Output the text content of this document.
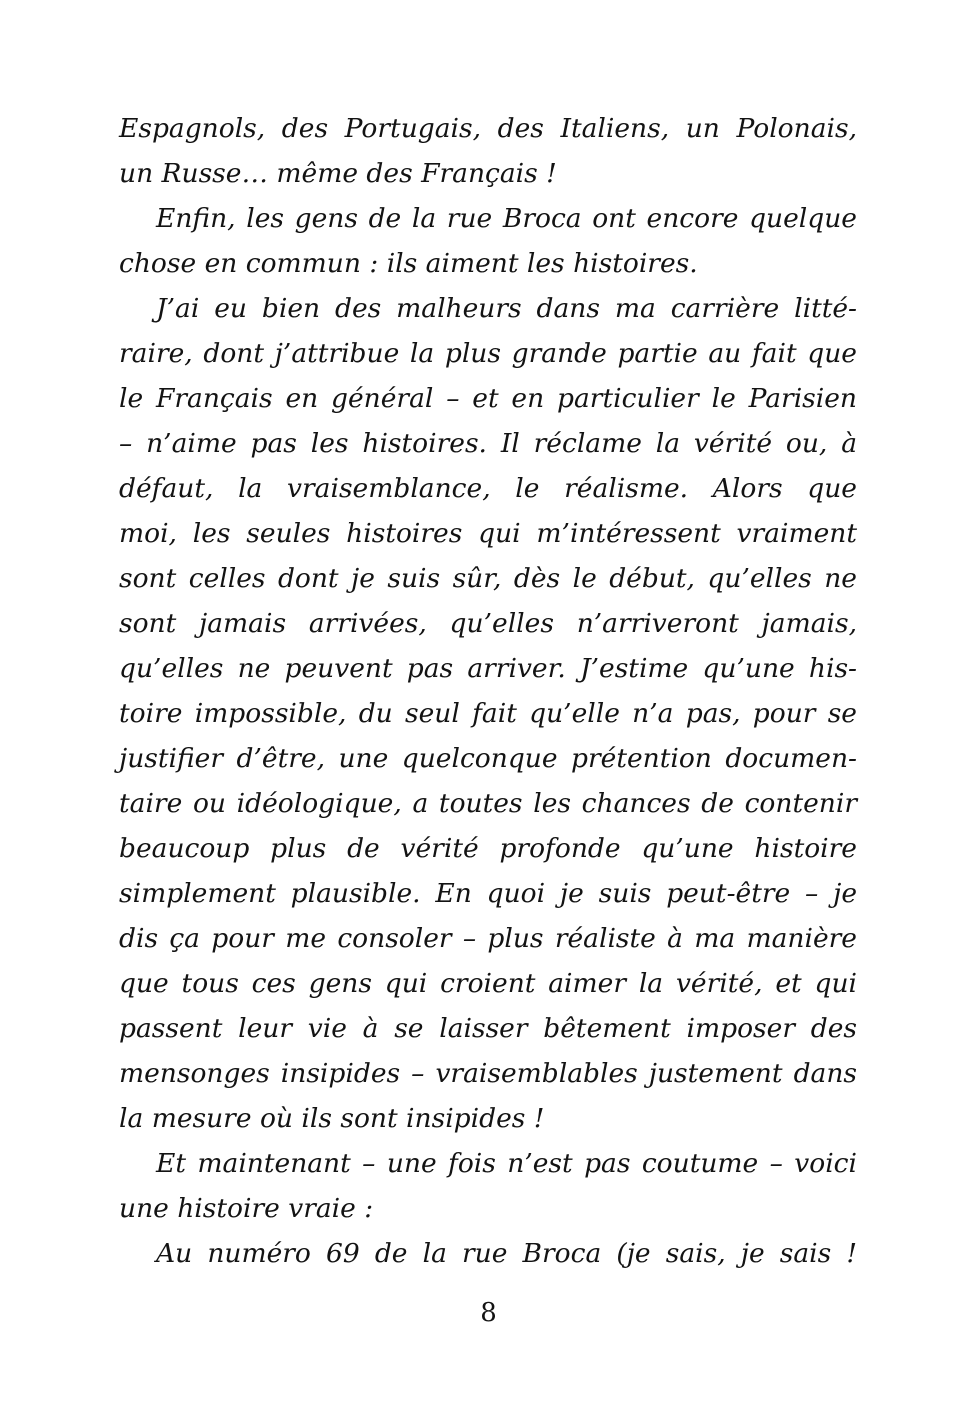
Espagnols, des Portugais, des Italiens, un Polonais,
un Russe… même des Français !
Enfin, les gens de la rue Broca ont encore quelque
chose en commun : ils aiment les histoires.
J’ai eu bien des malheurs dans ma carrière litté-
raire, dont j’attribue la plus grande partie au fait que
le Français en général – et en particulier le Parisien
– n’aime pas les histoires. Il réclame la vérité ou, à
défaut, la vraisemblance, le réalisme. Alors que
moi, les seules histoires qui m’intéressent vraiment
sont celles dont je suis sûr, dès le début, qu’elles ne
sont jamais arrivées, qu’elles n’arriveront jamais,
qu’elles ne peuvent pas arriver. J’estime qu’une his-
toire impossible, du seul fait qu’elle n’a pas, pour se
justifier d’être, une quelconque prétention documen-
taire ou idéologique, a toutes les chances de contenir
beaucoup plus de vérité profonde qu’une histoire
simplement plausible. En quoi je suis peut-être – je
dis ça pour me consoler – plus réaliste à ma manière
que tous ces gens qui croient aimer la vérité, et qui
passent leur vie à se laisser bêtement imposer des
mensonges insipides – vraisemblables justement dans
la mesure où ils sont insipides !
Et maintenant – une fois n’est pas coutume – voici
une histoire vraie :
Au numéro 69 de la rue Broca (je sais, je sais !
8
